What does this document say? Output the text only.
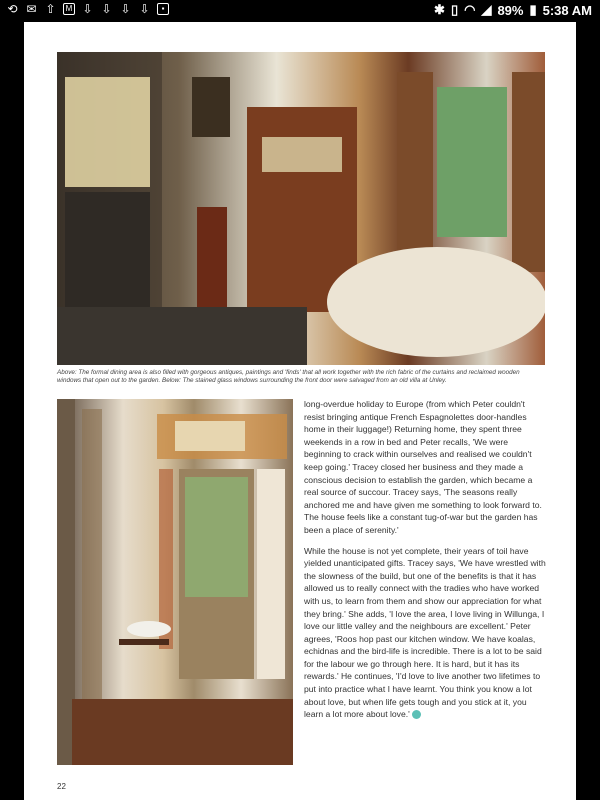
⟲ ✉ ⇧	M ⇩ ⇩ ⇩ ⇩	▪	✱ ▯ ◠ ◢ 89% ▮ 5:38 AM
Above: The formal dining area is also filled with gorgeous antiques, paintings and 'finds' that all work together with the rich fabric of the curtains and reclaimed wooden windows that open out to the garden. Below: The stained glass windows surrounding the front door were salvaged from an old villa at Unley.

long-overdue holiday to Europe (from which Peter couldn't resist bringing antique French Espagnolettes door-handles home in their luggage!) Returning home, they spent three weekends in a row in bed and Peter recalls, 'We were beginning to crack within ourselves and realised we couldn't keep going.' Tracey closed her business and they made a conscious decision to establish the garden, which became a real source of succour. Tracey says, 'The seasons really anchored me and have given me something to look forward to. The house feels like a constant tug-of-war but the garden has been a place of serenity.'

While the house is not yet complete, their years of toil have yielded unanticipated gifts. Tracey says, 'We have wrestled with the slowness of the build, but one of the benefits is that it has allowed us to really connect with the tradies who have worked with us, to learn from them and show our appreciation for what they bring.' She adds, 'I love the area, I love living in Willunga, I love our little valley and the neighbours are excellent.' Peter agrees, 'Roos hop past our kitchen window. We have koalas, echidnas and the bird-life is incredible. There is a lot to be said for the labour we go through here. It is hard, but it has its rewards.' He continues, 'I'd love to live another two lifetimes to put into practice what I have learnt. You think you know a lot about love, but when life gets tough and you stick at it, you learn a lot more about love.'

22
